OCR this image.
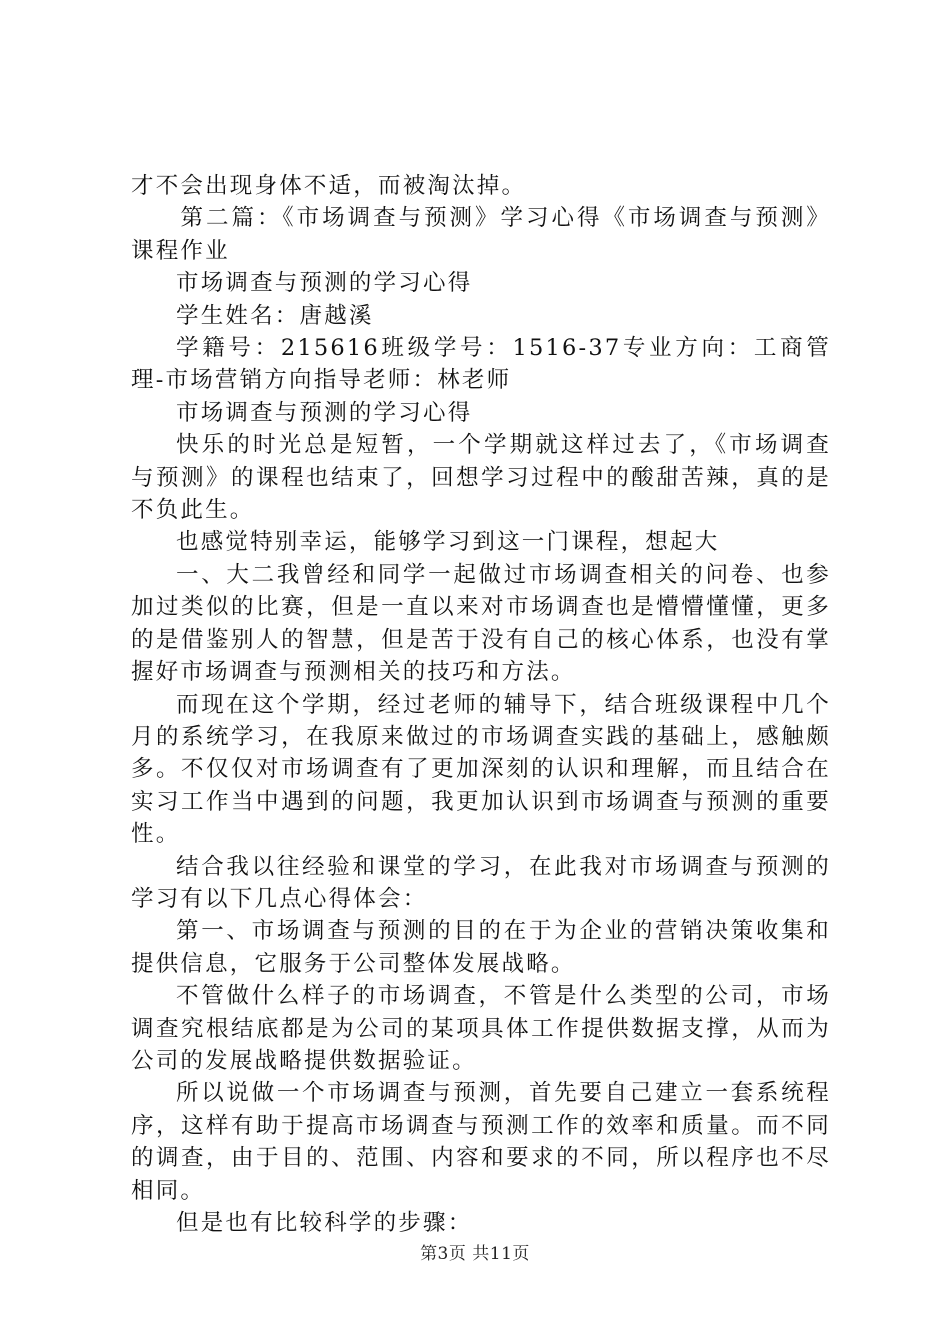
才不会出现身体不适，而被淘汰掉。

第二篇：《市场调查与预测》学习心得《市场调查与预测》课程作业

市场调查与预测的学习心得

学生姓名：唐越溪

学籍号：215616班级学号：1516-37专业方向：工商管理-市场营销方向指导老师：林老师

市场调查与预测的学习心得

快乐的时光总是短暂，一个学期就这样过去了，《市场调查与预测》的课程也结束了，回想学习过程中的酸甜苦辣，真的是不负此生。

也感觉特别幸运，能够学习到这一门课程，想起大

一、大二我曾经和同学一起做过市场调查相关的问卷、也参加过类似的比赛，但是一直以来对市场调查也是懵懵懂懂，更多的是借鉴别人的智慧，但是苦于没有自己的核心体系，也没有掌握好市场调查与预测相关的技巧和方法。

而现在这个学期，经过老师的辅导下，结合班级课程中几个月的系统学习，在我原来做过的市场调查实践的基础上，感触颇多。不仅仅对市场调查有了更加深刻的认识和理解，而且结合在实习工作当中遇到的问题，我更加认识到市场调查与预测的重要性。

结合我以往经验和课堂的学习，在此我对市场调查与预测的学习有以下几点心得体会：

第一、市场调查与预测的目的在于为企业的营销决策收集和提供信息，它服务于公司整体发展战略。

不管做什么样子的市场调查，不管是什么类型的公司，市场调查究根结底都是为公司的某项具体工作提供数据支撑，从而为公司的发展战略提供数据验证。

所以说做一个市场调查与预测，首先要自己建立一套系统程序，这样有助于提高市场调查与预测工作的效率和质量。而不同的调查，由于目的、范围、内容和要求的不同，所以程序也不尽相同。

但是也有比较科学的步骤：

第3页 共11页
